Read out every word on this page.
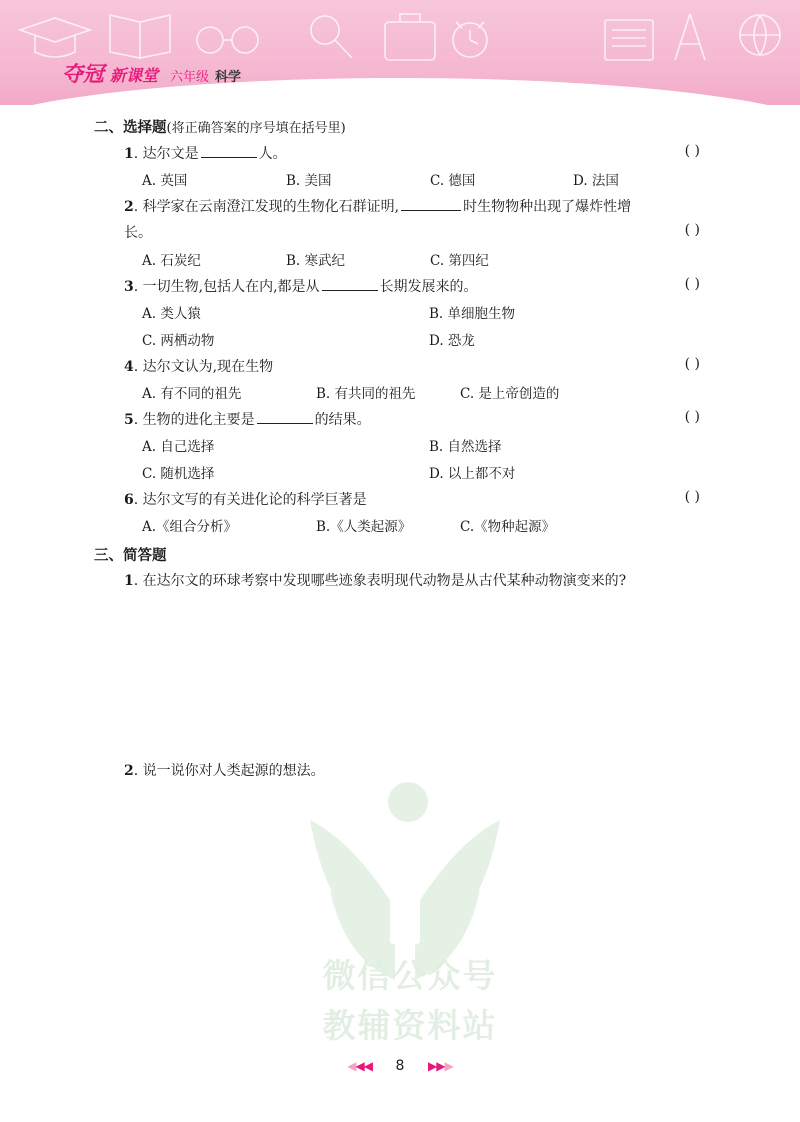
夺冠 新课堂 六年级 科学
二、选择题(将正确答案的序号填在括号里)
1. 达尔文是	人。	( )
A. 英国	B. 美国	C. 德国	D. 法国
2. 科学家在云南澄江发现的生物化石群证明,	时生物物种出现了爆炸性增
长。	( )
A. 石炭纪	B. 寒武纪	C. 第四纪
3. 一切生物,包括人在内,都是从	长期发展来的。	( )
A. 类人猿	B. 单细胞生物
C. 两栖动物	D. 恐龙
4. 达尔文认为,现在生物	( )
A. 有不同的祖先	B. 有共同的祖先	C. 是上帝创造的
5. 生物的进化主要是	的结果。	( )
A. 自己选择	B. 自然选择
C. 随机选择	D. 以上都不对
6. 达尔文写的有关进化论的科学巨著是	( )
A.《组合分析》	B.《人类起源》	C.《物种起源》
三、简答题
1. 在达尔文的环球考察中发现哪些迹象表明现代动物是从古代某种动物演变来的?
2. 说一说你对人类起源的想法。
微信公众号
教辅资料站
◀◀◀	8	▶▶▶
